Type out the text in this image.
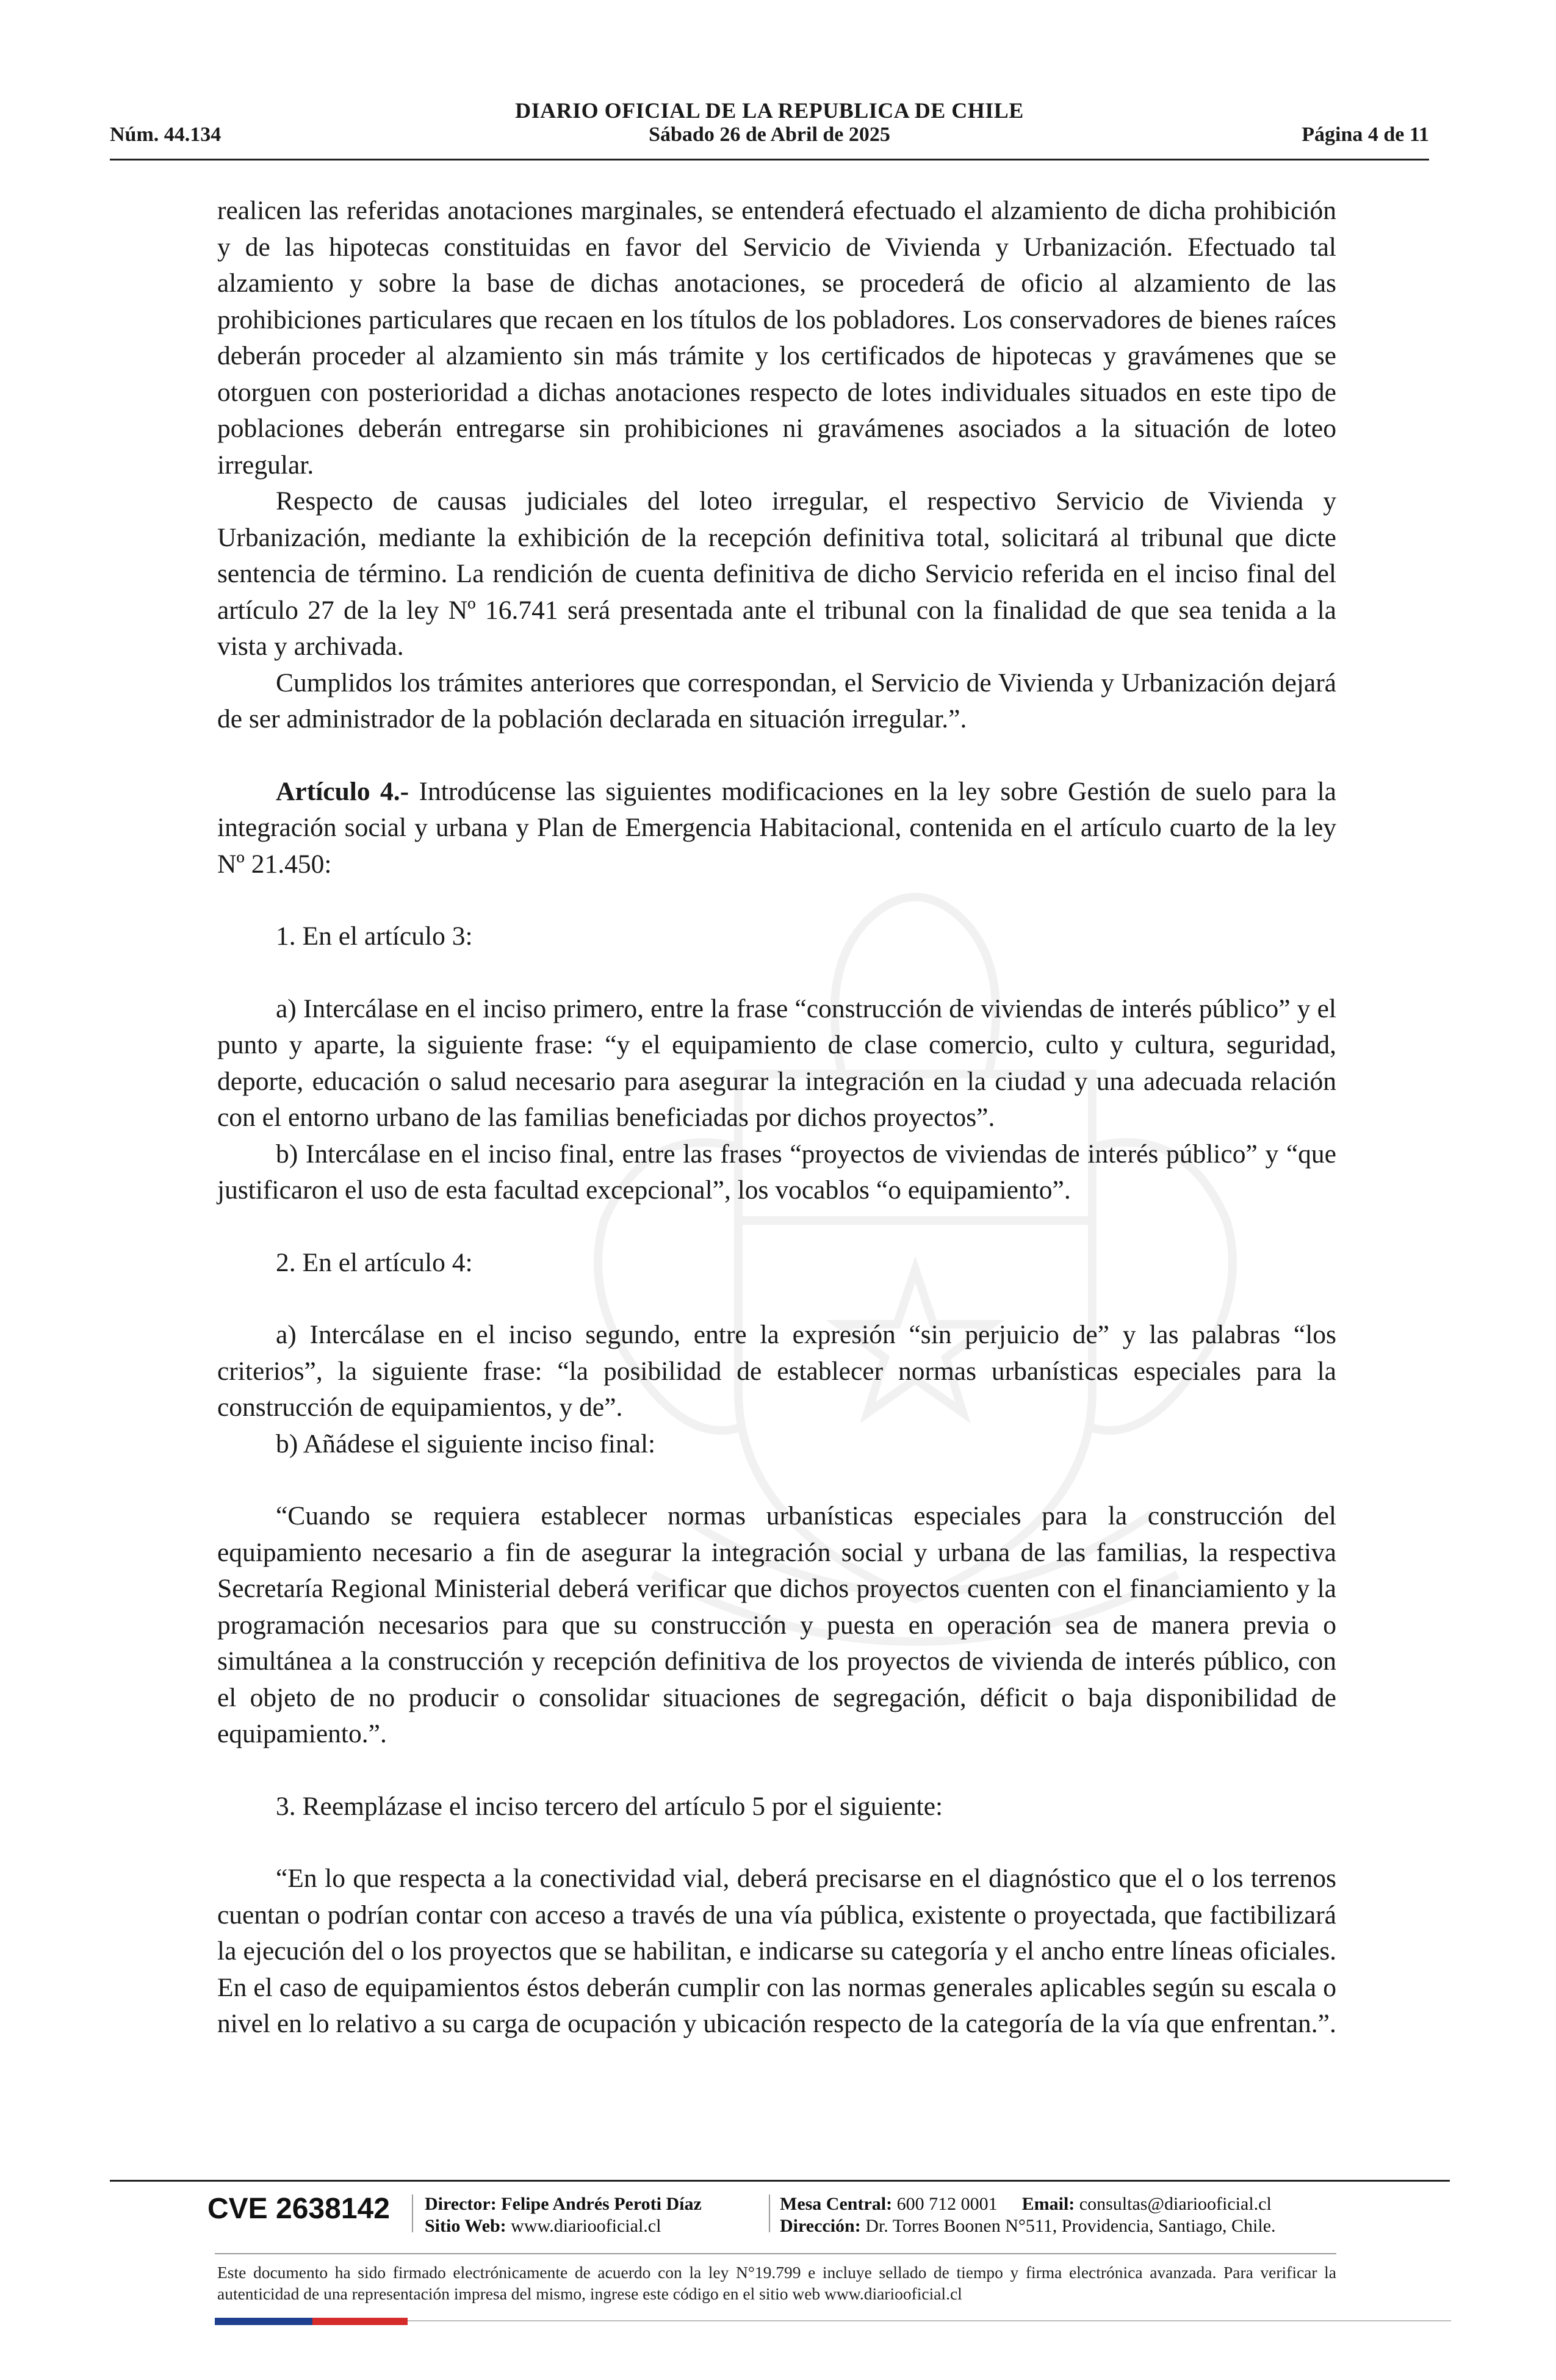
DIARIO OFICIAL DE LA REPUBLICA DE CHILE
Núm. 44.134	Sábado 26 de Abril de 2025	Página 4 de 11

realicen las referidas anotaciones marginales, se entenderá efectuado el alzamiento de dicha prohibición y de las hipotecas constituidas en favor del Servicio de Vivienda y Urbanización. Efectuado tal alzamiento y sobre la base de dichas anotaciones, se procederá de oficio al alzamiento de las prohibiciones particulares que recaen en los títulos de los pobladores. Los conservadores de bienes raíces deberán proceder al alzamiento sin más trámite y los certificados de hipotecas y gravámenes que se otorguen con posterioridad a dichas anotaciones respecto de lotes individuales situados en este tipo de poblaciones deberán entregarse sin prohibiciones ni gravámenes asociados a la situación de loteo irregular.

Respecto de causas judiciales del loteo irregular, el respectivo Servicio de Vivienda y Urbanización, mediante la exhibición de la recepción definitiva total, solicitará al tribunal que dicte sentencia de término. La rendición de cuenta definitiva de dicho Servicio referida en el inciso final del artículo 27 de la ley Nº 16.741 será presentada ante el tribunal con la finalidad de que sea tenida a la vista y archivada.

Cumplidos los trámites anteriores que correspondan, el Servicio de Vivienda y Urbanización dejará de ser administrador de la población declarada en situación irregular.”.

Artículo 4.- Introdúcense las siguientes modificaciones en la ley sobre Gestión de suelo para la integración social y urbana y Plan de Emergencia Habitacional, contenida en el artículo cuarto de la ley Nº 21.450:

1. En el artículo 3:

a) Intercálase en el inciso primero, entre la frase “construcción de viviendas de interés público” y el punto y aparte, la siguiente frase: “y el equipamiento de clase comercio, culto y cultura, seguridad, deporte, educación o salud necesario para asegurar la integración en la ciudad y una adecuada relación con el entorno urbano de las familias beneficiadas por dichos proyectos”.

b) Intercálase en el inciso final, entre las frases “proyectos de viviendas de interés público” y “que justificaron el uso de esta facultad excepcional”, los vocablos “o equipamiento”.

2. En el artículo 4:

a) Intercálase en el inciso segundo, entre la expresión “sin perjuicio de” y las palabras “los criterios”, la siguiente frase: “la posibilidad de establecer normas urbanísticas especiales para la construcción de equipamientos, y de”.

b) Añádese el siguiente inciso final:

“Cuando se requiera establecer normas urbanísticas especiales para la construcción del equipamiento necesario a fin de asegurar la integración social y urbana de las familias, la respectiva Secretaría Regional Ministerial deberá verificar que dichos proyectos cuenten con el financiamiento y la programación necesarios para que su construcción y puesta en operación sea de manera previa o simultánea a la construcción y recepción definitiva de los proyectos de vivienda de interés público, con el objeto de no producir o consolidar situaciones de segregación, déficit o baja disponibilidad de equipamiento.”.

3. Reemplázase el inciso tercero del artículo 5 por el siguiente:

“En lo que respecta a la conectividad vial, deberá precisarse en el diagnóstico que el o los terrenos cuentan o podrían contar con acceso a través de una vía pública, existente o proyectada, que factibilizará la ejecución del o los proyectos que se habilitan, e indicarse su categoría y el ancho entre líneas oficiales. En el caso de equipamientos éstos deberán cumplir con las normas generales aplicables según su escala o nivel en lo relativo a su carga de ocupación y ubicación respecto de la categoría de la vía que enfrentan.”.

CVE 2638142 Director: Felipe Andrés Peroti Díaz
Sitio Web: www.diariooficial.cl
Mesa Central: 600 712 0001 Email: consultas@diariooficial.cl
Dirección: Dr. Torres Boonen N°511, Providencia, Santiago, Chile.
Este documento ha sido firmado electrónicamente de acuerdo con la ley N°19.799 e incluye sellado de tiempo y firma electrónica avanzada. Para verificar la autenticidad de una representación impresa del mismo, ingrese este código en el sitio web www.diariooficial.cl
